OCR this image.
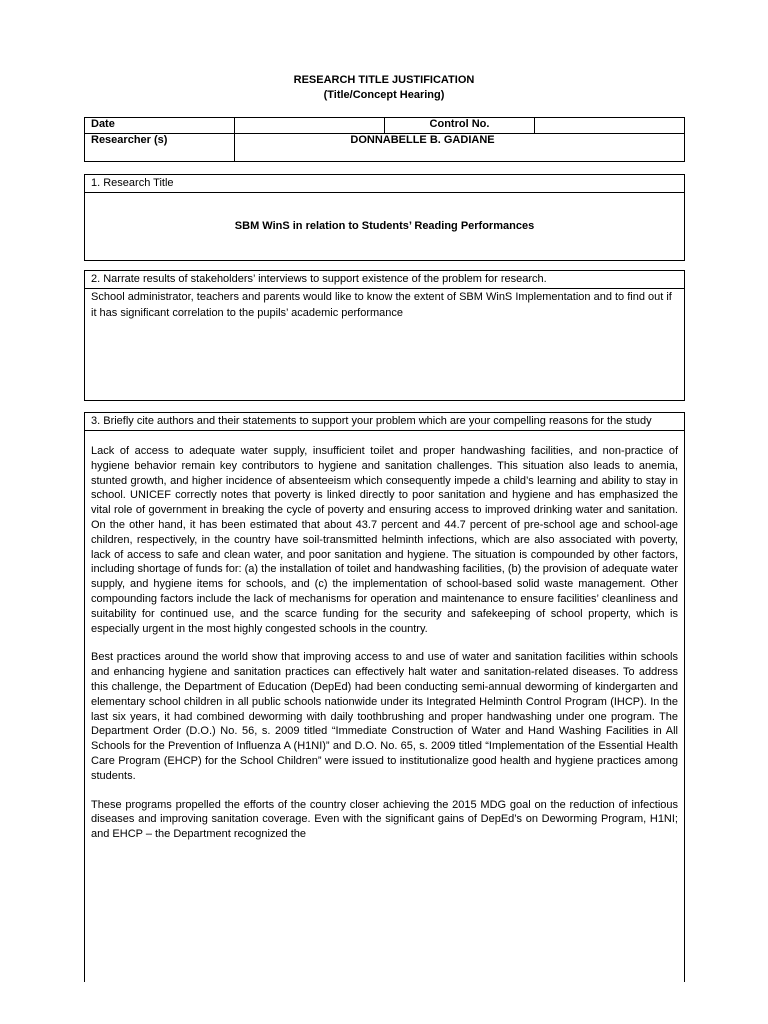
RESEARCH TITLE JUSTIFICATION
(Title/Concept Hearing)
Date		Control No.	
Researcher (s)	DONNABELLE B. GADIANE		
1. Research Title
SBM WinS in relation to Students’ Reading Performances
2. Narrate results of stakeholders’ interviews to support existence of the problem for research.

School administrator, teachers and parents would like to know the extent of SBM WinS Implementation and to find out if it has significant correlation to the pupils’ academic performance

3. Briefly cite authors and their statements to support your problem which are your compelling reasons for the study

Lack of access to adequate water supply, insufficient toilet and proper handwashing facilities, and non-practice of hygiene behavior remain key contributors to hygiene and sanitation challenges. This situation also leads to anemia, stunted growth, and higher incidence of absenteeism which consequently impede a child’s learning and ability to stay in school. UNICEF correctly notes that poverty is linked directly to poor sanitation and hygiene and has emphasized the vital role of government in breaking the cycle of poverty and ensuring access to improved drinking water and sanitation. On the other hand, it has been estimated that about 43.7 percent and 44.7 percent of pre-school age and school-age children, respectively, in the country have soil-transmitted helminth infections, which are also associated with poverty, lack of access to safe and clean water, and poor sanitation and hygiene. The situation is compounded by other factors, including shortage of funds for: (a) the installation of toilet and handwashing facilities, (b) the provision of adequate water supply, and hygiene items for schools, and (c) the implementation of school-based solid waste management. Other compounding factors include the lack of mechanisms for operation and maintenance to ensure facilities’ cleanliness and suitability for continued use, and the scarce funding for the security and safekeeping of school property, which is especially urgent in the most highly congested schools in the country.

Best practices around the world show that improving access to and use of water and sanitation facilities within schools and enhancing hygiene and sanitation practices can effectively halt water and sanitation-related diseases. To address this challenge, the Department of Education (DepEd) had been conducting semi-annual deworming of kindergarten and elementary school children in all public schools nationwide under its Integrated Helminth Control Program (IHCP). In the last six years, it had combined deworming with daily toothbrushing and proper handwashing under one program. The Department Order (D.O.) No. 56, s. 2009 titled “Immediate Construction of Water and Hand Washing Facilities in All Schools for the Prevention of Influenza A (H1NI)” and D.O. No. 65, s. 2009 titled “Implementation of the Essential Health Care Program (EHCP) for the School Children” were issued to institutionalize good health and hygiene practices among students.

These programs propelled the efforts of the country closer achieving the 2015 MDG goal on the reduction of infectious diseases and improving sanitation coverage. Even with the significant gains of DepEd’s on Deworming Program, H1NI; and EHCP – the Department recognized the
